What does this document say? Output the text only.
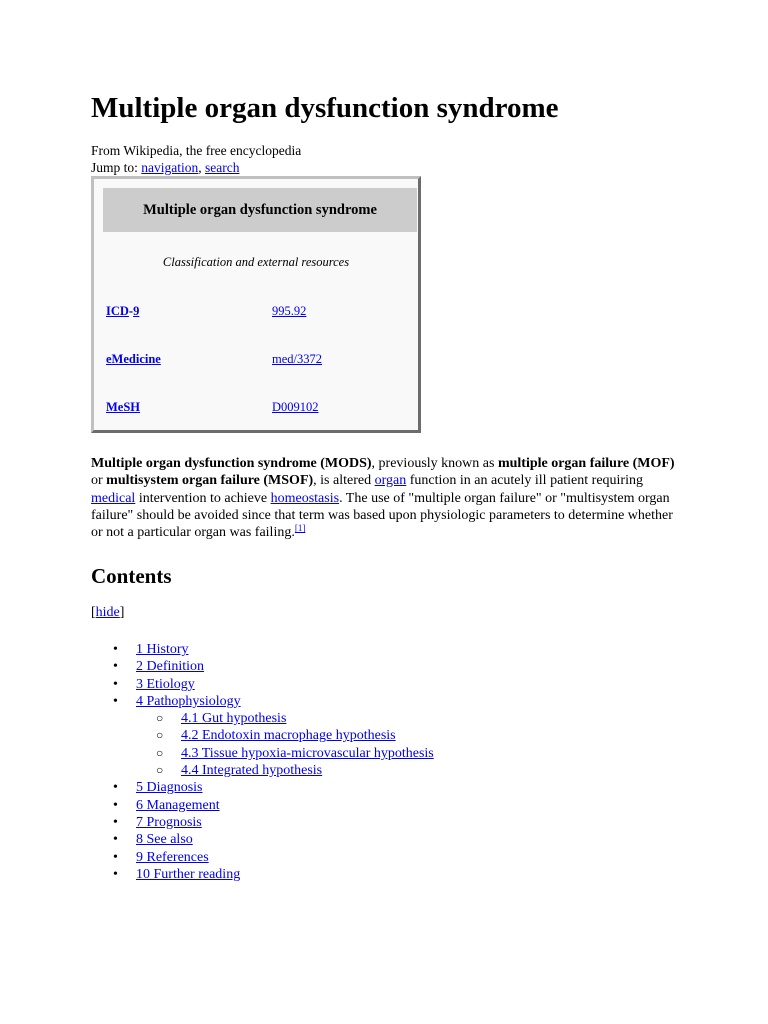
Multiple organ dysfunction syndrome
From Wikipedia, the free encyclopedia
Jump to: navigation, search
Multiple organ dysfunction syndrome
Classification and external resources
ICD-9	995.92
eMedicine	med/3372
MeSH	D009102

Multiple organ dysfunction syndrome (MODS), previously known as multiple organ failure (MOF) or multisystem organ failure (MSOF), is altered organ function in an acutely ill patient requiring medical intervention to achieve homeostasis. The use of "multiple organ failure" or "multisystem organ failure" should be avoided since that term was based upon physiologic parameters to determine whether or not a particular organ was failing.[1]

Contents
[hide]
• 1 History
• 2 Definition
• 3 Etiology
• 4 Pathophysiology
○ 4.1 Gut hypothesis
○ 4.2 Endotoxin macrophage hypothesis
○ 4.3 Tissue hypoxia-microvascular hypothesis
○ 4.4 Integrated hypothesis
• 5 Diagnosis
• 6 Management
• 7 Prognosis
• 8 See also
• 9 References
• 10 Further reading
